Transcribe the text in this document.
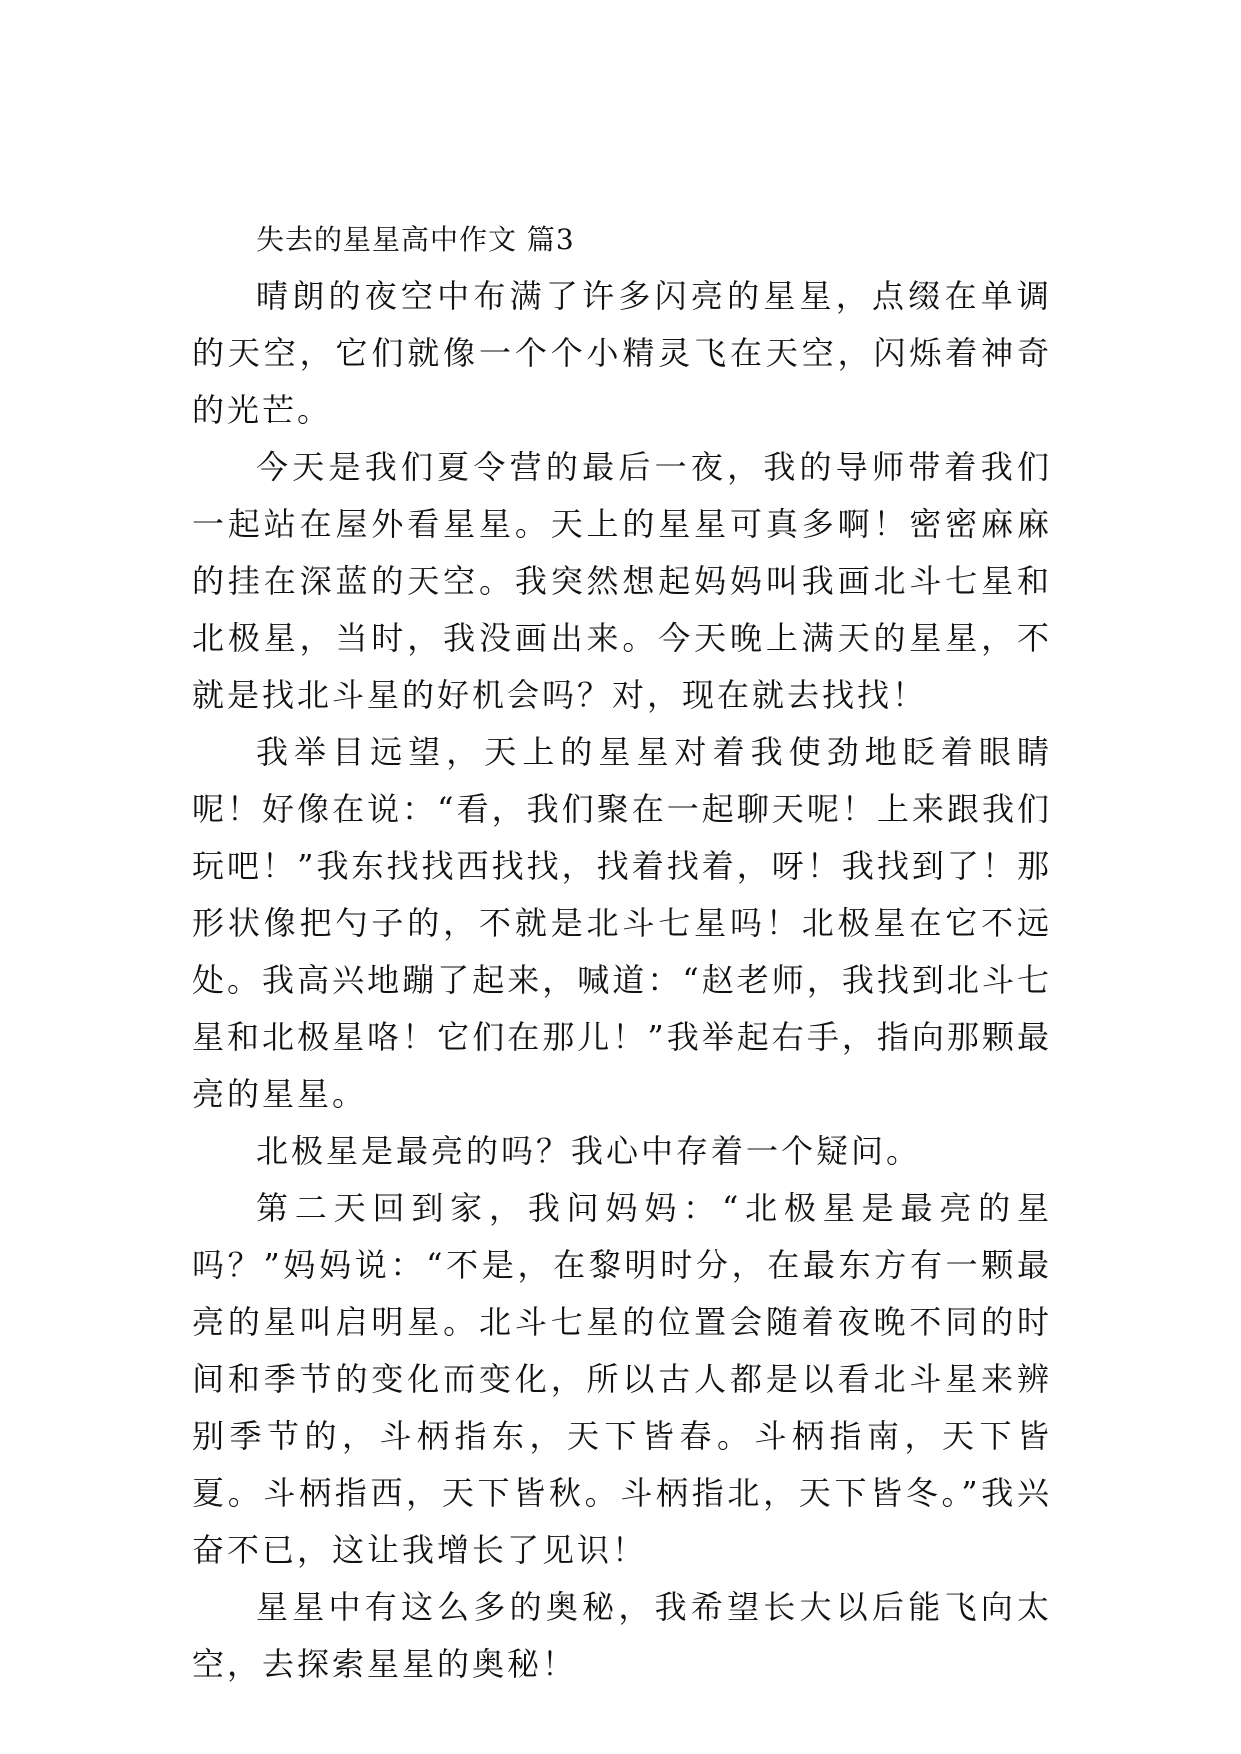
失去的星星高中作文 篇3

晴朗的夜空中布满了许多闪亮的星星，点缀在单调的天空，它们就像一个个小精灵飞在天空，闪烁着神奇的光芒。

今天是我们夏令营的最后一夜，我的导师带着我们一起站在屋外看星星。天上的星星可真多啊！密密麻麻的挂在深蓝的天空。我突然想起妈妈叫我画北斗七星和北极星，当时，我没画出来。今天晚上满天的星星，不就是找北斗星的好机会吗？对，现在就去找找！

我举目远望，天上的星星对着我使劲地眨着眼睛呢！好像在说：“看，我们聚在一起聊天呢！上来跟我们玩吧！”我东找找西找找，找着找着，呀！我找到了！那形状像把勺子的，不就是北斗七星吗！北极星在它不远处。我高兴地蹦了起来，喊道：“赵老师，我找到北斗七星和北极星咯！它们在那儿！”我举起右手，指向那颗最亮的星星。

北极星是最亮的吗？我心中存着一个疑问。

第二天回到家，我问妈妈：“北极星是最亮的星吗？”妈妈说：“不是，在黎明时分，在最东方有一颗最亮的星叫启明星。北斗七星的位置会随着夜晚不同的时间和季节的变化而变化，所以古人都是以看北斗星来辨别季节的，斗柄指东，天下皆春。斗柄指南，天下皆夏。斗柄指西，天下皆秋。斗柄指北，天下皆冬。”我兴奋不已，这让我增长了见识！

星星中有这么多的奥秘，我希望长大以后能飞向太空，去探索星星的奥秘！
